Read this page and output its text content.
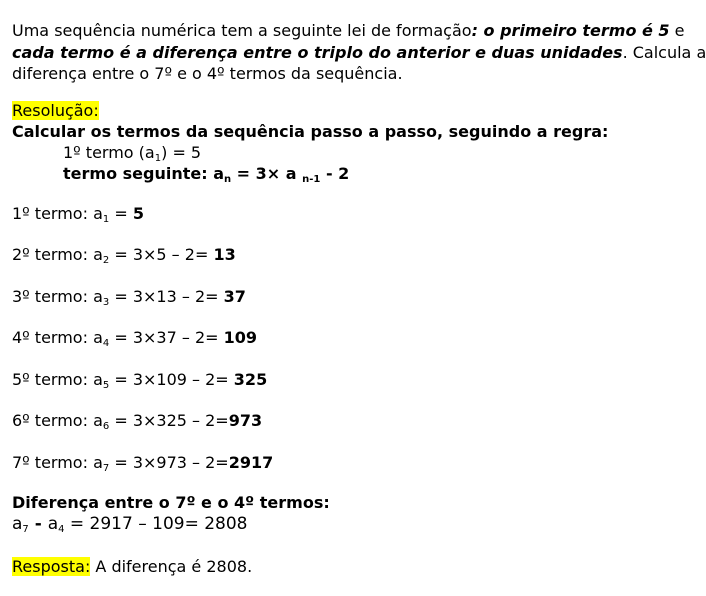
Uma sequência numérica tem a seguinte lei de formação: o primeiro termo é 5 e
cada termo é a diferença entre o triplo do anterior e duas unidades. Calcula a
diferença entre o 7º e o 4º termos da sequência.
Resolução:
Calcular os termos da sequência passo a passo, seguindo a regra:
1º termo $(a_1) = 5$
termo seguinte: $a_n = 3\times a$ $_{n-1}$ - 2
1º termo: $a_1 = 5$
2º termo: $a_2 = 3\times 5 - 2= 13$
3º termo: $a_3 = 3\times 13 - 2= 37$
4º termo: $a_4 = 3\times 37 - 2= 109$
5º termo: $a_5 = 3\times 109 - 2= 325$
6º termo: $a_6 = 3\times 325 - 2=973$
7º termo: $a_7 = 3\times 973 - 2=2917$
Diferença entre o 7º e o 4º termos:
$a_7 - a_4 = 2917 - 109= 2808$
Resposta: A diferença é 2808.
